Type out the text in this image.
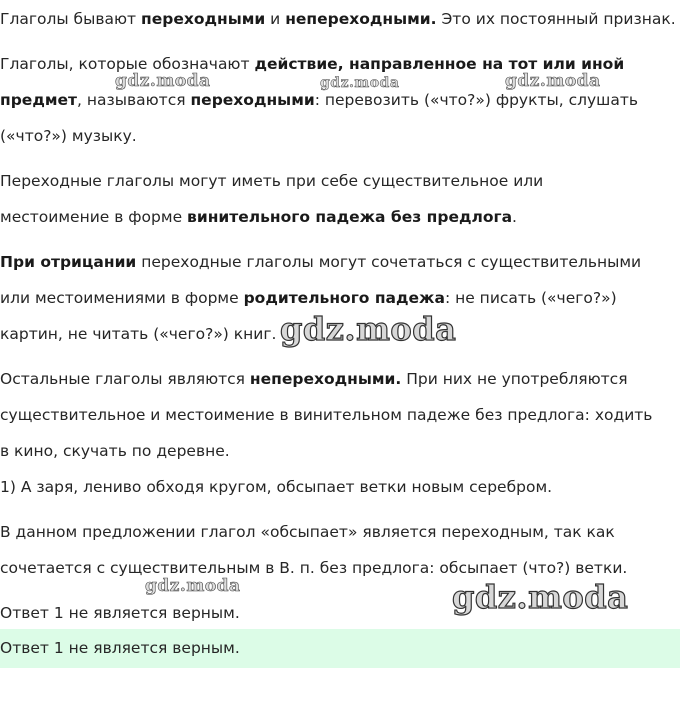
Глаголы бывают переходными и непереходными. Это их постоянный признак.
Глаголы, которые обозначают действие, направленное на тот или иной
предмет, называются переходными: перевозить («что?») фрукты, слушать
(«что?») музыку.
Переходные глаголы могут иметь при себе существительное или
местоимение в форме винительного падежа без предлога.
При отрицании переходные глаголы могут сочетаться с существительными
или местоимениями в форме родительного падежа: не писать («чего?»)
картин, не читать («чего?») книг.
Остальные глаголы являются непереходными. При них не употребляются
существительное и местоимение в винительном падеже без предлога: ходить
в кино, скучать по деревне.
1) А заря, лениво обходя кругом, обсыпает ветки новым серебром.
В данном предложении глагол «обсыпает» является переходным, так как
сочетается с существительным в В. п. без предлога: обсыпает (что?) ветки.
Ответ 1 не является верным.
Ответ 1 не является верным.
gdz.moda	gdz.moda	gdz.moda
gdz.moda
gdz.moda	gdz.moda
